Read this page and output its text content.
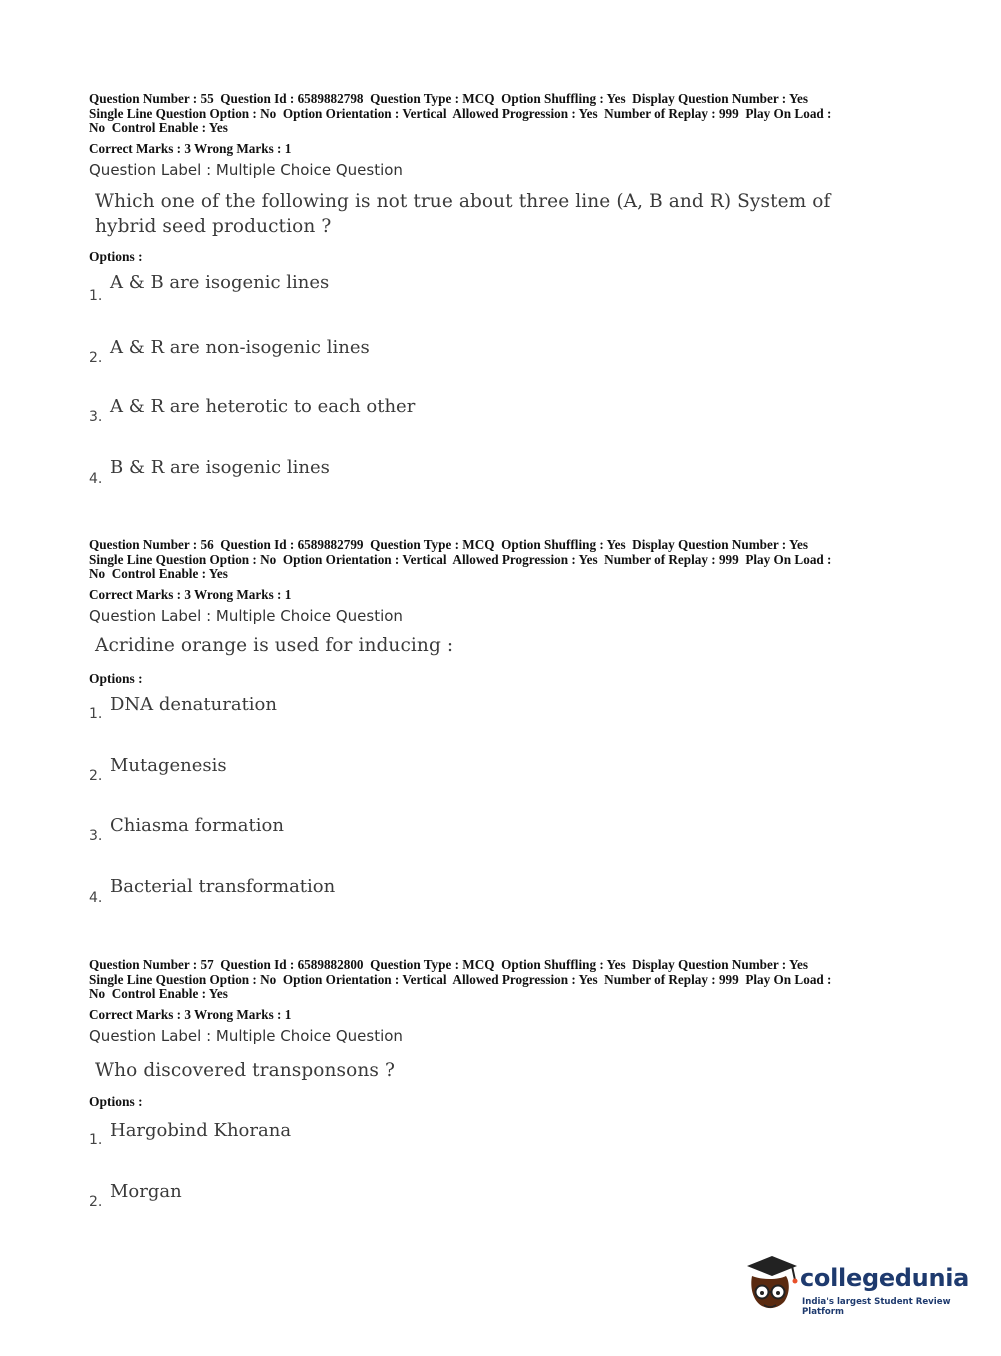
Question Number : 55  Question Id : 6589882798  Question Type : MCQ  Option Shuffling : Yes  Display Question Number : Yes
Single Line Question Option : No  Option Orientation : Vertical  Allowed Progression : Yes  Number of Replay : 999  Play On Load :
No  Control Enable : Yes
Correct Marks : 3 Wrong Marks : 1
Question Label : Multiple Choice Question
Which one of the following is not true about three line (A, B and R) System of
hybrid seed production ?
Options :
1.
A & B are isogenic lines
2. A & R are non-isogenic lines
3. A & R are heterotic to each other
4.
B & R are isogenic lines
Question Number : 56  Question Id : 6589882799  Question Type : MCQ  Option Shuffling : Yes  Display Question Number : Yes
Single Line Question Option : No  Option Orientation : Vertical  Allowed Progression : Yes  Number of Replay : 999  Play On Load :
No  Control Enable : Yes
Correct Marks : 3 Wrong Marks : 1
Question Label : Multiple Choice Question
Acridine orange is used for inducing :
Options :
1. DNA denaturation
2. Mutagenesis
3. Chiasma formation
4.
Bacterial transformation
Question Number : 57  Question Id : 6589882800  Question Type : MCQ  Option Shuffling : Yes  Display Question Number : Yes
Single Line Question Option : No  Option Orientation : Vertical  Allowed Progression : Yes  Number of Replay : 999  Play On Load :
No  Control Enable : Yes
Correct Marks : 3 Wrong Marks : 1
Question Label : Multiple Choice Question
Who discovered transponsons ?
Options :
1. Hargobind Khorana
2. Morgan
collegedunia
India's largest Student Review Platform
